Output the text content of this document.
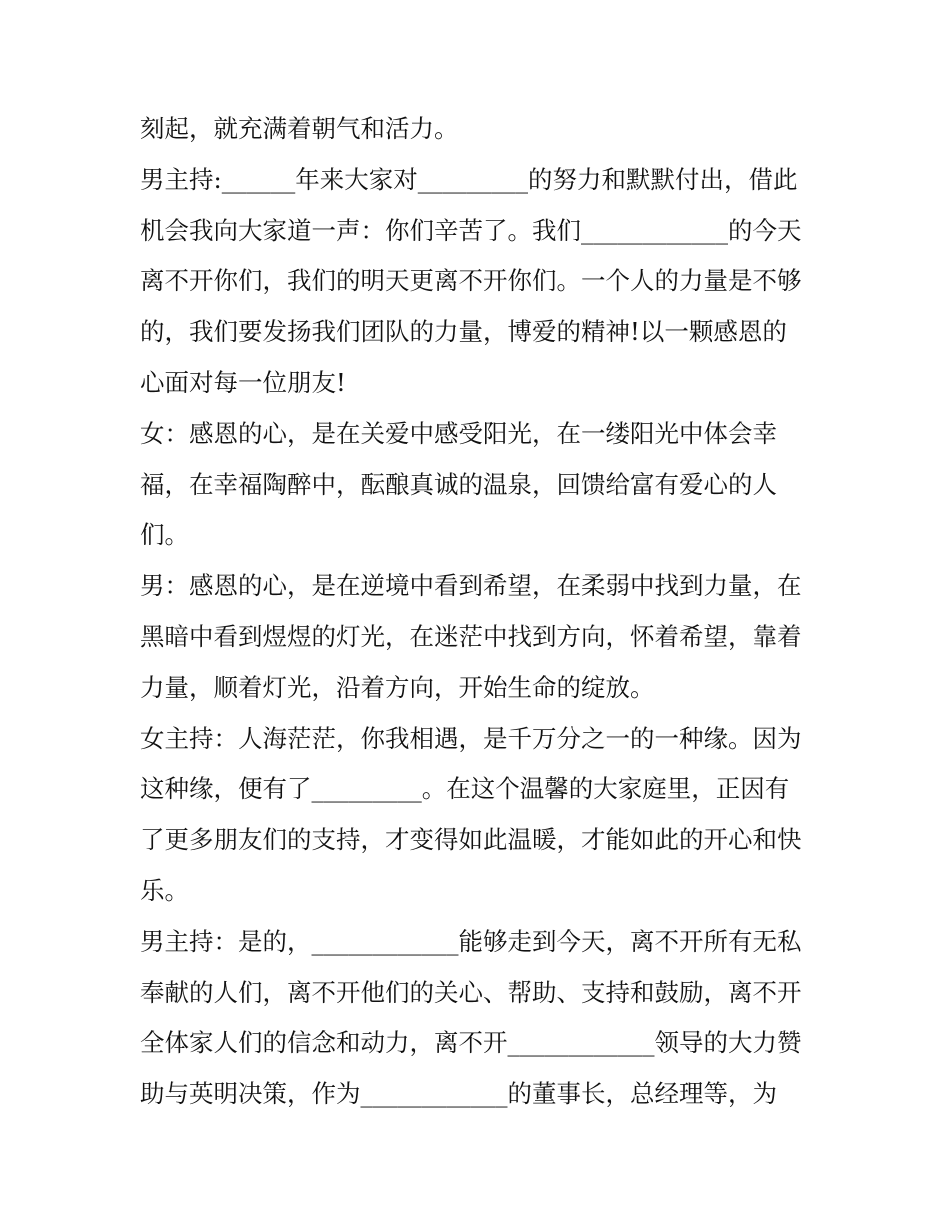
刻起，就充满着朝气和活力。
男主持:______年来大家对_________的努力和默默付出，借此
机会我向大家道一声：你们辛苦了。我们____________的今天
离不开你们，我们的明天更离不开你们。一个人的力量是不够
的，我们要发扬我们团队的力量，博爱的精神!以一颗感恩的
心面对每一位朋友!
女：感恩的心，是在关爱中感受阳光，在一缕阳光中体会幸
福，在幸福陶醉中，酝酿真诚的温泉，回馈给富有爱心的人
们。
男：感恩的心，是在逆境中看到希望，在柔弱中找到力量，在
黑暗中看到煜煜的灯光，在迷茫中找到方向，怀着希望，靠着
力量，顺着灯光，沿着方向，开始生命的绽放。
女主持：人海茫茫，你我相遇，是千万分之一的一种缘。因为
这种缘，便有了_________。在这个温馨的大家庭里，正因有
了更多朋友们的支持，才变得如此温暖，才能如此的开心和快
乐。
男主持：是的，____________能够走到今天，离不开所有无私
奉献的人们，离不开他们的关心、帮助、支持和鼓励，离不开
全体家人们的信念和动力，离不开____________领导的大力赞
助与英明决策，作为____________的董事长，总经理等，为
